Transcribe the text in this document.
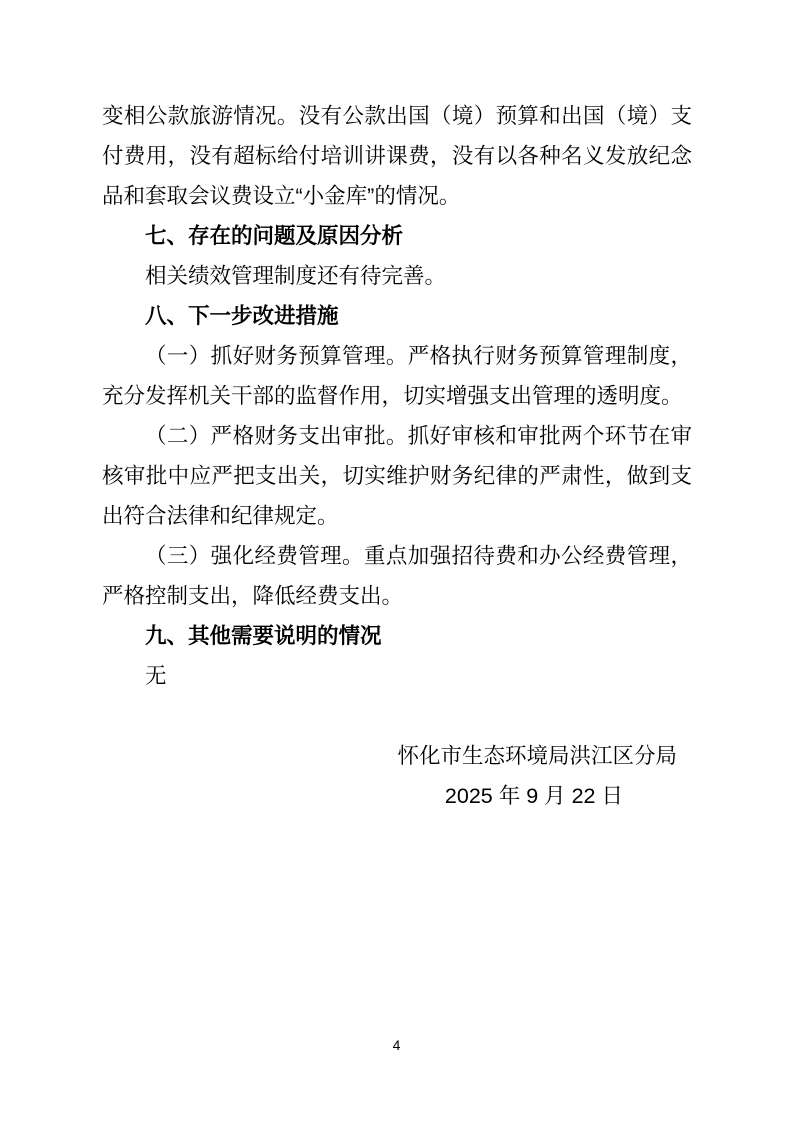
变相公款旅游情况。没有公款出国（境）预算和出国（境）支付费用，没有超标给付培训讲课费，没有以各种名义发放纪念品和套取会议费设立“小金库”的情况。

七、存在的问题及原因分析

相关绩效管理制度还有待完善。

八、下一步改进措施

（一）抓好财务预算管理。严格执行财务预算管理制度，充分发挥机关干部的监督作用，切实增强支出管理的透明度。

（二）严格财务支出审批。抓好审核和审批两个环节在审核审批中应严把支出关，切实维护财务纪律的严肃性，做到支出符合法律和纪律规定。

（三）强化经费管理。重点加强招待费和办公经费管理，严格控制支出，降低经费支出。

九、其他需要说明的情况

无

怀化市生态环境局洪江区分局

2025 年 9 月 22 日

4
